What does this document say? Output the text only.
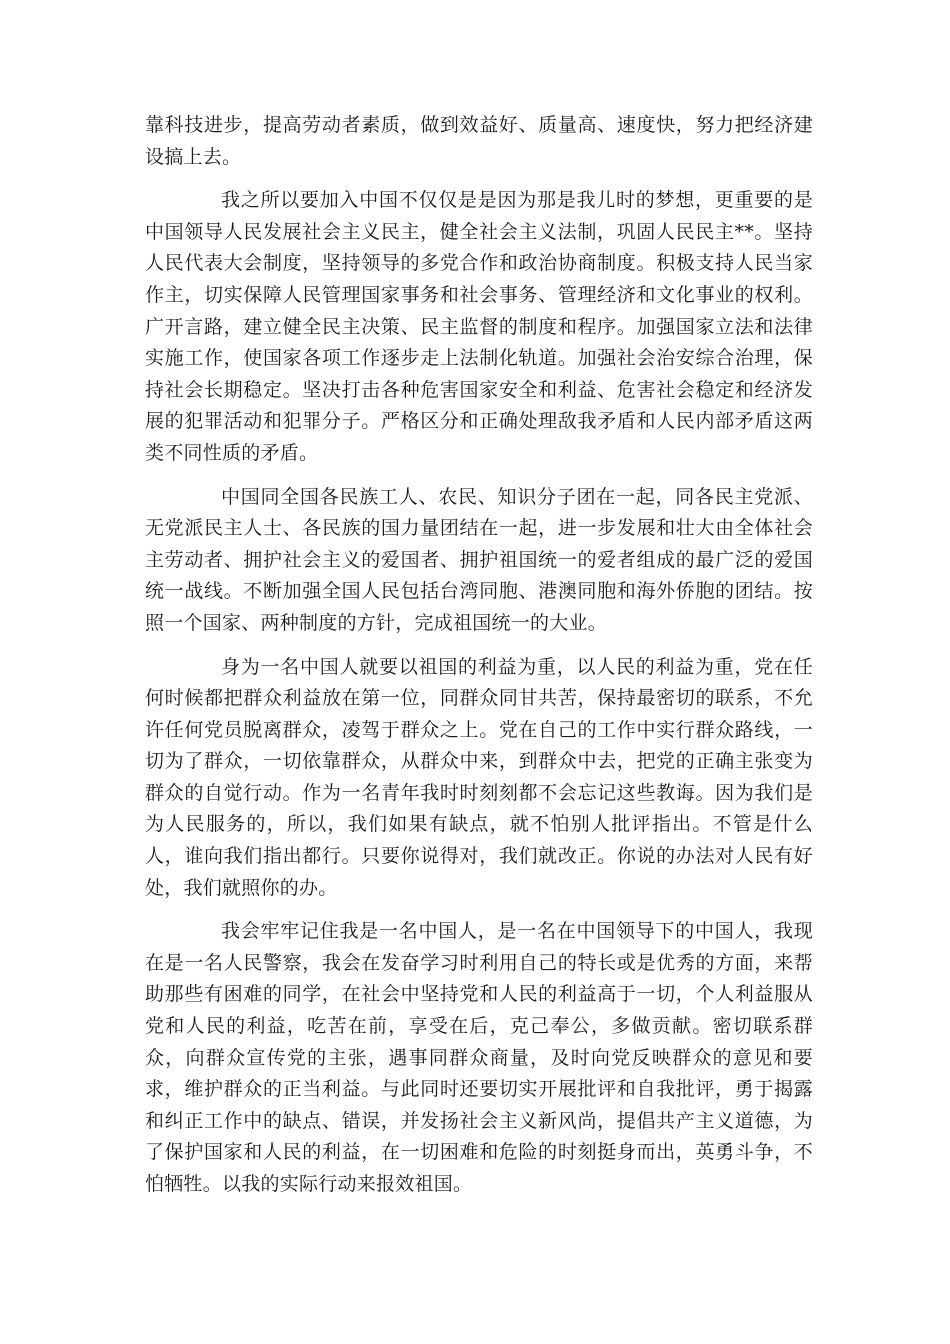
靠科技进步，提高劳动者素质，做到效益好、质量高、速度快，努力把经济建设搞上去。

我之所以要加入中国不仅仅是是因为那是我儿时的梦想，更重要的是中国领导人民发展社会主义民主，健全社会主义法制，巩固人民民主**。坚持人民代表大会制度，坚持领导的多党合作和政治协商制度。积极支持人民当家作主，切实保障人民管理国家事务和社会事务、管理经济和文化事业的权利。广开言路，建立健全民主决策、民主监督的制度和程序。加强国家立法和法律实施工作，使国家各项工作逐步走上法制化轨道。加强社会治安综合治理，保持社会长期稳定。坚决打击各种危害国家安全和利益、危害社会稳定和经济发展的犯罪活动和犯罪分子。严格区分和正确处理敌我矛盾和人民内部矛盾这两类不同性质的矛盾。

中国同全国各民族工人、农民、知识分子团在一起，同各民主党派、无党派民主人士、各民族的国力量团结在一起，进一步发展和壮大由全体社会主劳动者、拥护社会主义的爱国者、拥护祖国统一的爱者组成的最广泛的爱国统一战线。不断加强全国人民包括台湾同胞、港澳同胞和海外侨胞的团结。按照一个国家、两种制度的方针，完成祖国统一的大业。

身为一名中国人就要以祖国的利益为重，以人民的利益为重，党在任何时候都把群众利益放在第一位，同群众同甘共苦，保持最密切的联系，不允许任何党员脱离群众，凌驾于群众之上。党在自己的工作中实行群众路线，一切为了群众，一切依靠群众，从群众中来，到群众中去，把党的正确主张变为群众的自觉行动。作为一名青年我时时刻刻都不会忘记这些教诲。因为我们是为人民服务的，所以，我们如果有缺点，就不怕别人批评指出。不管是什么人，谁向我们指出都行。只要你说得对，我们就改正。你说的办法对人民有好处，我们就照你的办。

我会牢牢记住我是一名中国人，是一名在中国领导下的中国人，我现在是一名人民警察，我会在发奋学习时利用自己的特长或是优秀的方面，来帮助那些有困难的同学，在社会中坚持党和人民的利益高于一切，个人利益服从党和人民的利益，吃苦在前，享受在后，克己奉公，多做贡献。密切联系群众，向群众宣传党的主张，遇事同群众商量，及时向党反映群众的意见和要求，维护群众的正当利益。与此同时还要切实开展批评和自我批评，勇于揭露和纠正工作中的缺点、错误，并发扬社会主义新风尚，提倡共产主义道德，为了保护国家和人民的利益，在一切困难和危险的时刻挺身而出，英勇斗争，不怕牺牲。以我的实际行动来报效祖国。
